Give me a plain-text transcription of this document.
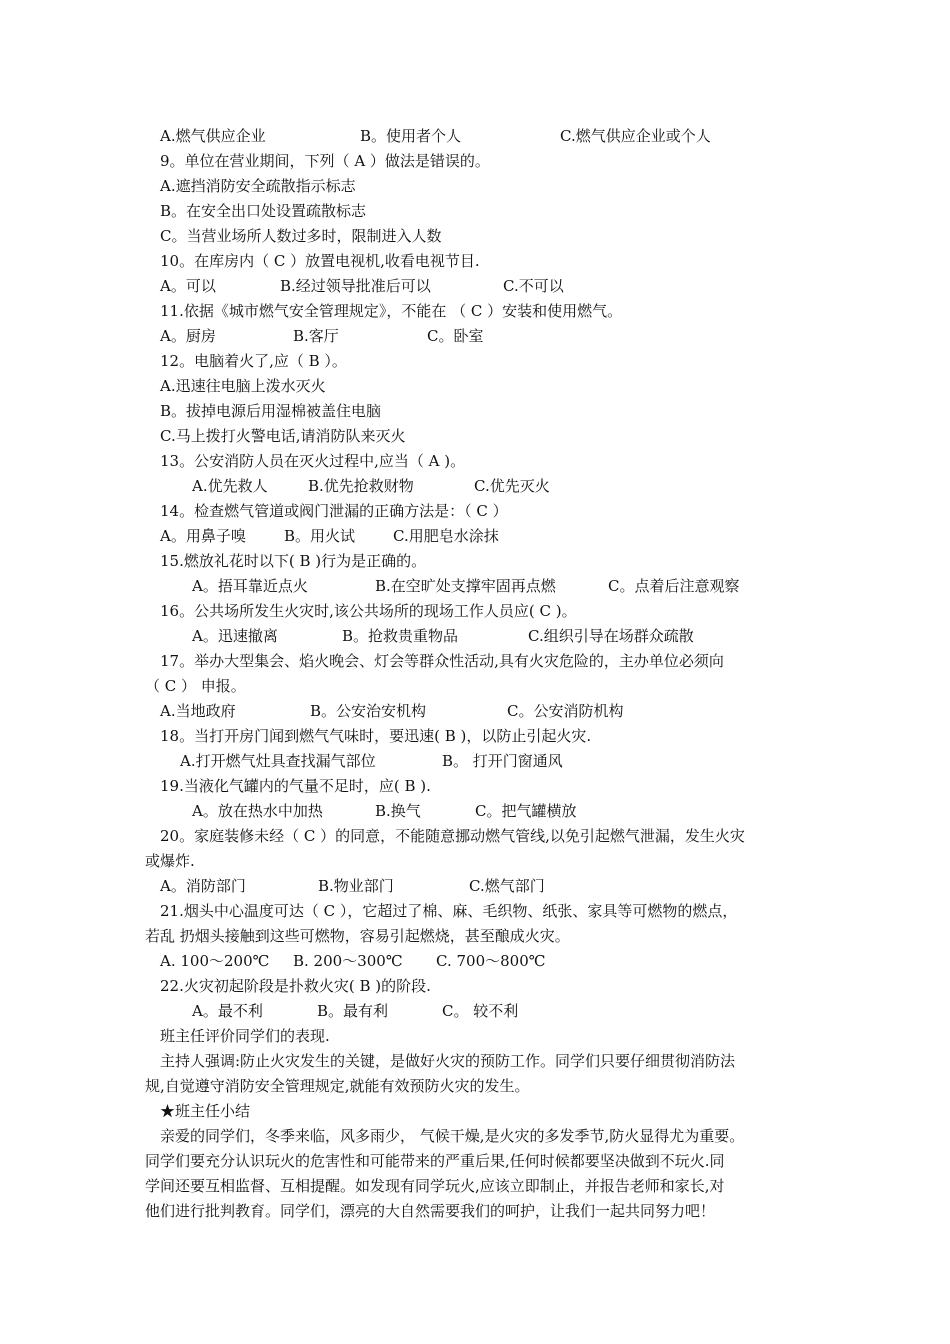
A.燃气供应企业	B。使用者个人	C.燃气供应企业或个人
9。单位在营业期间，下列（ A ）做法是错误的。
A.遮挡消防安全疏散指示标志
B。在安全出口处设置疏散标志
C。当营业场所人数过多时，限制进入人数
10。在库房内（ C ）放置电视机,收看电视节目.
A。可以	B.经过领导批准后可以	C.不可以
11.依据《城市燃气安全管理规定》，不能在 （ C ）安装和使用燃气。
A。厨房	B.客厅	C。卧室
12。电脑着火了,应（ B ）。
A.迅速往电脑上泼水灭火
B。拔掉电源后用湿棉被盖住电脑
C.马上拨打火警电话,请消防队来灭火
13。公安消防人员在灭火过程中,应当（ A )。
A.优先救人	B.优先抢救财物	C.优先灭火
14。检查燃气管道或阀门泄漏的正确方法是：（ C ）
A。用鼻子嗅	B。用火试	C.用肥皂水涂抹
15.燃放礼花时以下( B )行为是正确的。
A。捂耳靠近点火	B.在空旷处支撑牢固再点燃	C。点着后注意观察
16。公共场所发生火灾时,该公共场所的现场工作人员应( C )。
A。迅速撤离	B。抢救贵重物品	C.组织引导在场群众疏散
17。举办大型集会、焰火晚会、灯会等群众性活动,具有火灾危险的，主办单位必须向
（ C ） 申报。
A.当地政府	B。公安治安机构	C。公安消防机构
18。当打开房门闻到燃气气味时，要迅速( B )，以防止引起火灾.
A.打开燃气灶具查找漏气部位	B。 打开门窗通风
19.当液化气罐内的气量不足时，应( B ).
A。放在热水中加热	B.换气	C。把气罐横放
20。家庭装修未经（ C ）的同意，不能随意挪动燃气管线,以免引起燃气泄漏，发生火灾
或爆炸.
A。消防部门	B.物业部门	C.燃气部门
21.烟头中心温度可达（ C ），它超过了棉、麻、毛织物、纸张、家具等可燃物的燃点，
若乱 扔烟头接触到这些可燃物，容易引起燃烧，甚至酿成火灾。
A. 100～200℃ B. 200～300℃ C. 700～800℃
22.火灾初起阶段是扑救火灾( B )的阶段.
A。最不利	B。最有利	C。 较不利
班主任评价同学们的表现.
主持人强调:防止火灾发生的关键，是做好火灾的预防工作。同学们只要仔细贯彻消防法
规,自觉遵守消防安全管理规定,就能有效预防火灾的发生。
★班主任小结
亲爱的同学们，冬季来临，风多雨少， 气候干燥,是火灾的多发季节,防火显得尤为重要。
同学们要充分认识玩火的危害性和可能带来的严重后果,任何时候都要坚决做到不玩火.同
学间还要互相监督、互相提醒。如发现有同学玩火,应该立即制止，并报告老师和家长,对
他们进行批判教育。同学们，漂亮的大自然需要我们的呵护，让我们一起共同努力吧！
